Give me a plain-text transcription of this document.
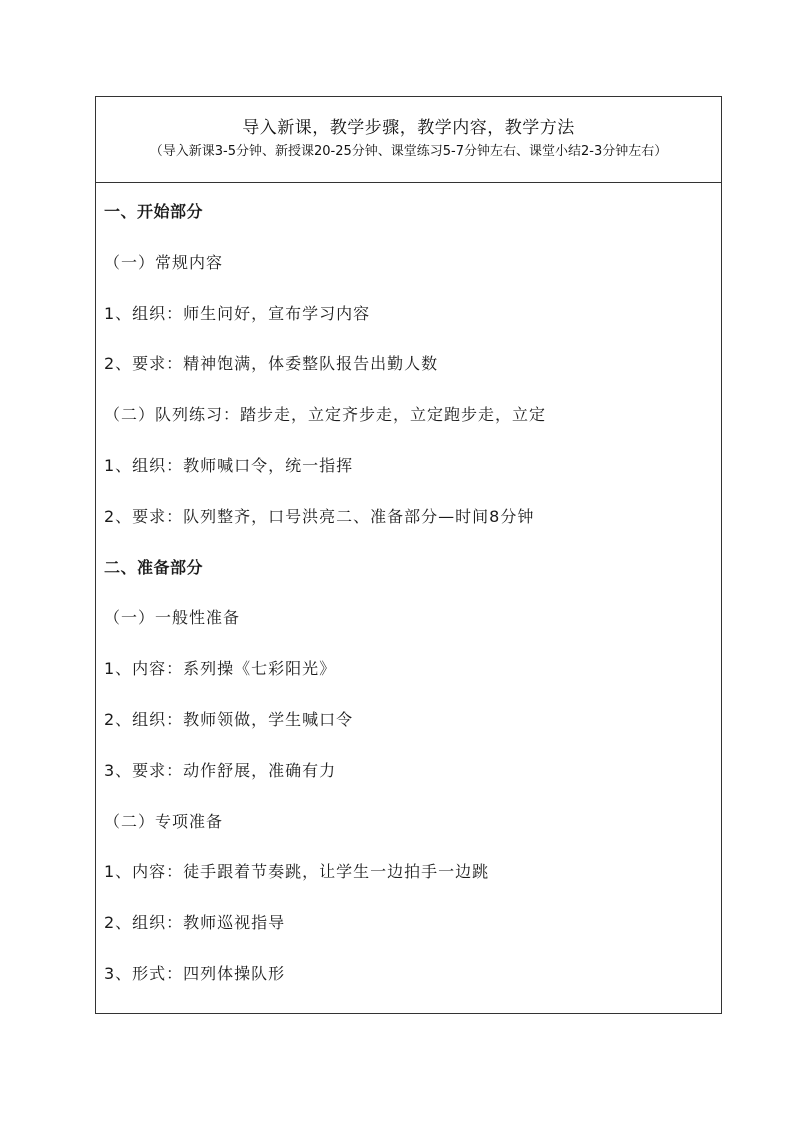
导入新课，教学步骤，教学内容，教学方法
（导入新课3-5分钟、新授课20-25分钟、课堂练习5-7分钟左右、课堂小结2-3分钟左右）
一、开始部分
（一）常规内容
1、组织：师生问好，宣布学习内容
2、要求：精神饱满，体委整队报告出勤人数
（二）队列练习：踏步走，立定齐步走，立定跑步走，立定
1、组织：教师喊口令，统一指挥
2、要求：队列整齐，口号洪亮二、准备部分—时间8分钟
二、准备部分
（一）一般性准备
1、内容：系列操《七彩阳光》
2、组织：教师领做，学生喊口令
3、要求：动作舒展，准确有力
（二）专项准备
1、内容：徒手跟着节奏跳，让学生一边拍手一边跳
2、组织：教师巡视指导
3、形式：四列体操队形
